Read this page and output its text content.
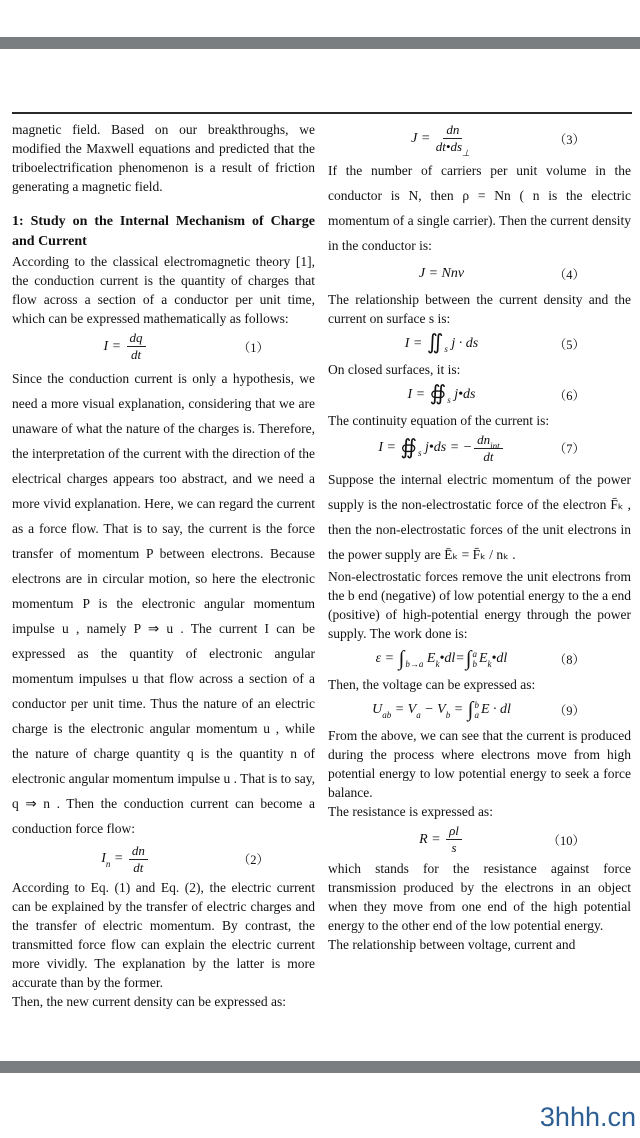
magnetic field. Based on our breakthroughs, we modified the Maxwell equations and predicted that the triboelectrification phenomenon is a result of friction generating a magnetic field.

1: Study on the Internal Mechanism of Charge and Current

According to the classical electromagnetic theory [1], the conduction current is the quantity of charges that flow across a section of a conductor per unit time, which can be expressed mathematically as follows:

$I = \frac{dq}{dt}$	（1）

Since the conduction current is only a hypothesis, we need a more visual explanation, considering that we are unaware of what the nature of the charges is. Therefore, the interpretation of the current with the direction of the electrical charges appears too abstract, and we need a more vivid explanation. Here, we can regard the current as a force flow. That is to say, the current is the force transfer of momentum P between electrons. Because electrons are in circular motion, so here the electronic momentum P is the electronic angular momentum impulse u , namely P ⇒ u . The current I can be expressed as the quantity of electronic angular momentum impulses u that flow across a section of a conductor per unit time. Thus the nature of an electric charge is the electronic angular momentum u , while the nature of charge quantity q is the quantity n of electronic angular momentum impulse u . That is to say, q ⇒ n . Then the conduction current can become a conduction force flow:

I $n = \frac{dn}{dt}$	（2）

According to Eq. (1) and Eq. (2), the electric current can be explained by the transfer of electric charges and the transfer of electric momentum. By contrast, the transmitted force flow can explain the electric current more vividly. The explanation by the latter is more accurate than by the former.

Then, the new current density can be expressed as:

$J = \frac{dn}{dt•ds_\perp}$	（3）

If the number of carriers per unit volume in the conductor is N, then ρ = Nn ( n is the electric momentum of a single carrier). Then the current density in the conductor is:

J = Nnv	（4）

The relationship between the current density and the current on surface s is:

I = ∬ s j · ds	（5）

On closed surfaces, it is:

I = ∯ s j•ds	（6）

The continuity equation of the current is:

I = ∯ s j•ds = − $\frac{dn_{int}}{dt}$	（7）

Suppose the internal electric momentum of the power supply is the non-electrostatic force of the electron F̄ₖ , then the non-electrostatic forces of the unit electrons in the power supply are Ēₖ = F̄ₖ / nₖ .

Non-electrostatic forces remove the unit electrons from the b end (negative) of low potential energy to the a end (positive) of high-potential energy through the power supply. The work done is:

ε = ∫ b→a E k •dl = ∫ a
b E k •dl	（8）

Then, the voltage can be expressed as:

U ab = V a − V b = ∫ b
a E · dl	（9）

From the above, we can see that the current is produced during the process where electrons move from high potential energy to low potential energy to seek a force balance.

The resistance is expressed as:

$R = \frac{\rho l}{s}$	（10）

which stands for the resistance against force transmission produced by the electrons in an object when they move from one end of the high potential energy to the other end of the low potential energy.

The relationship between voltage, current and

3hhh.cn
